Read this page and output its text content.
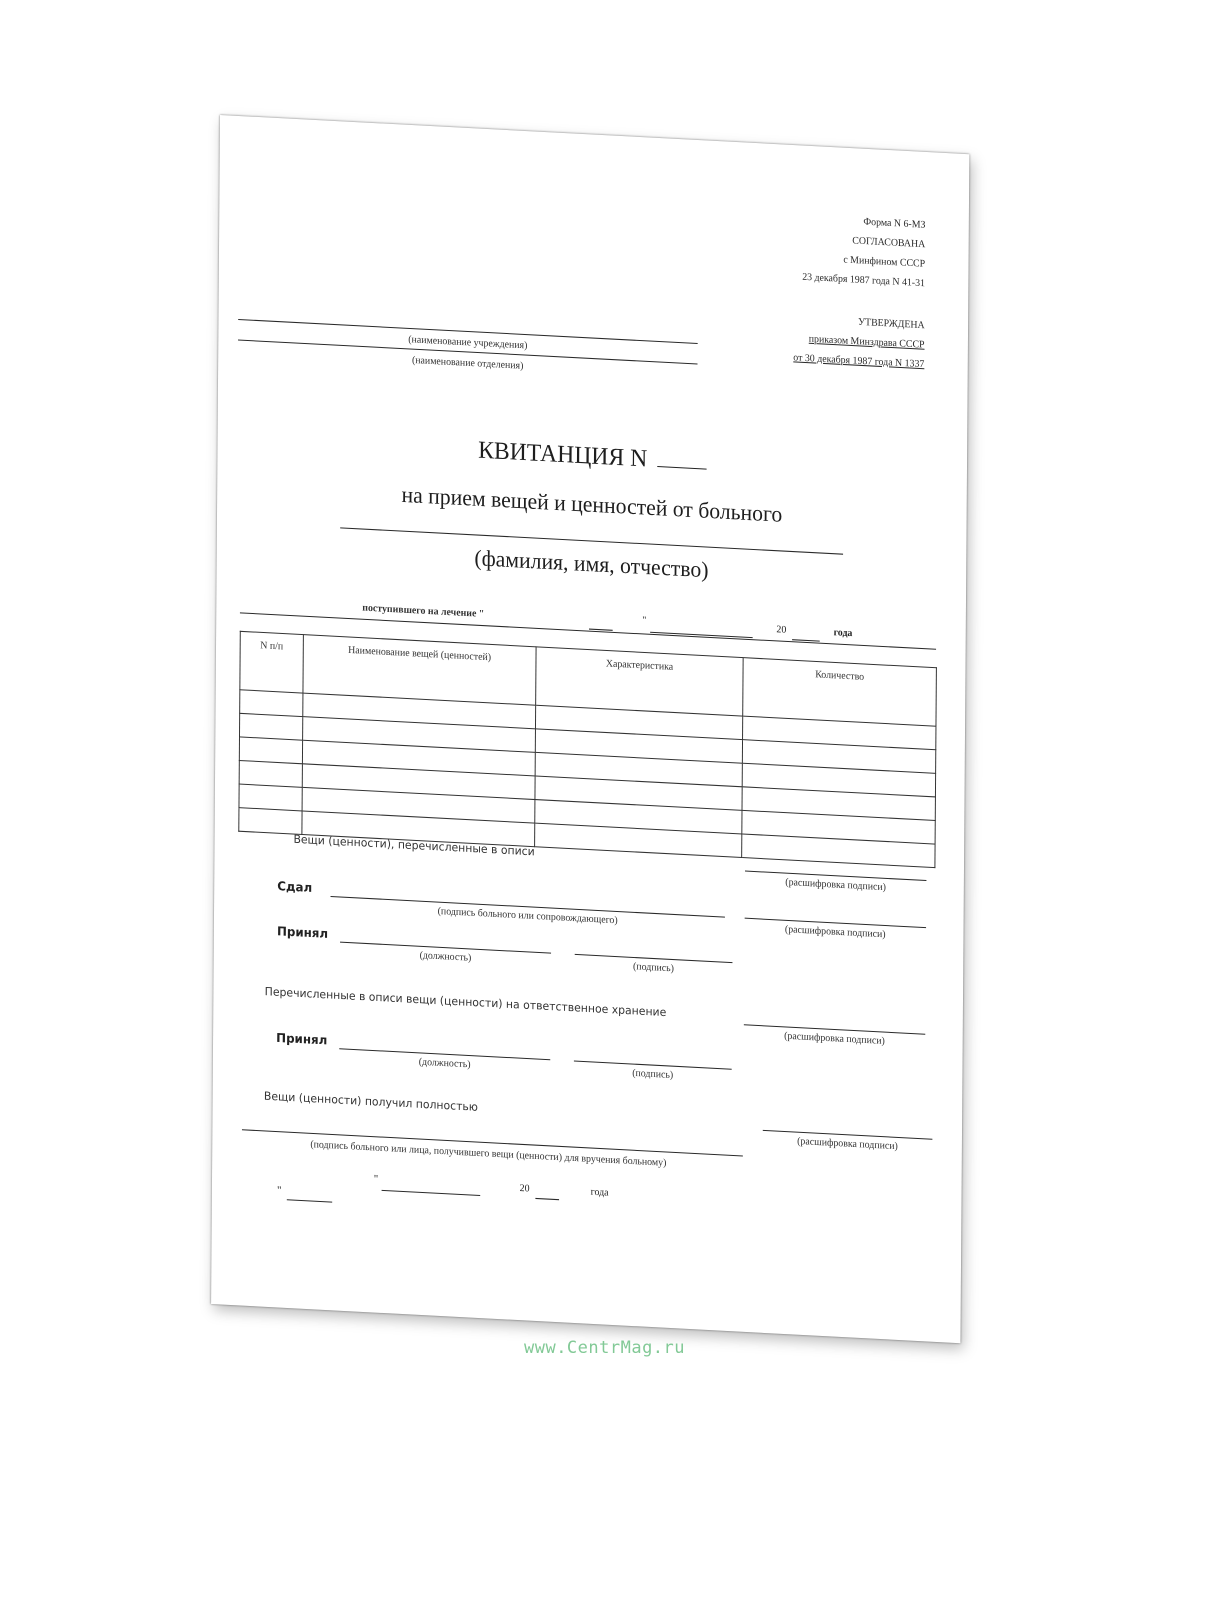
Форма N 6-МЗ
СОГЛАСОВАНА
с Минфином СССР
23 декабря 1987 года N 41-31
УТВЕРЖДЕНА
приказом Минздрава СССР
от 30 декабря 1987 года N 1337
(наименование учреждения)
(наименование отделения)
КВИТАНЦИЯ N
на прием вещей и ценностей от больного
(фамилия, имя, отчество)
поступившего на лечение "
"
20	года
N п/п	Наименование вещей (ценностей)	Характеристика	Количество

Вещи (ценности), перечисленные в описи
(расшифровка подписи)
Сдал
(подпись больного или сопровождающего)
(расшифровка подписи)
Принял
(должность)
(подпись)
Перечисленные в описи вещи (ценности) на ответственное хранение
(расшифровка подписи)
Принял
(должность)
(подпись)
Вещи (ценности) получил полностью
(расшифровка подписи)
(подпись больного или лица, получившего вещи (ценности) для вручения больному)
"
"
20	года
www.CentrMag.ru
